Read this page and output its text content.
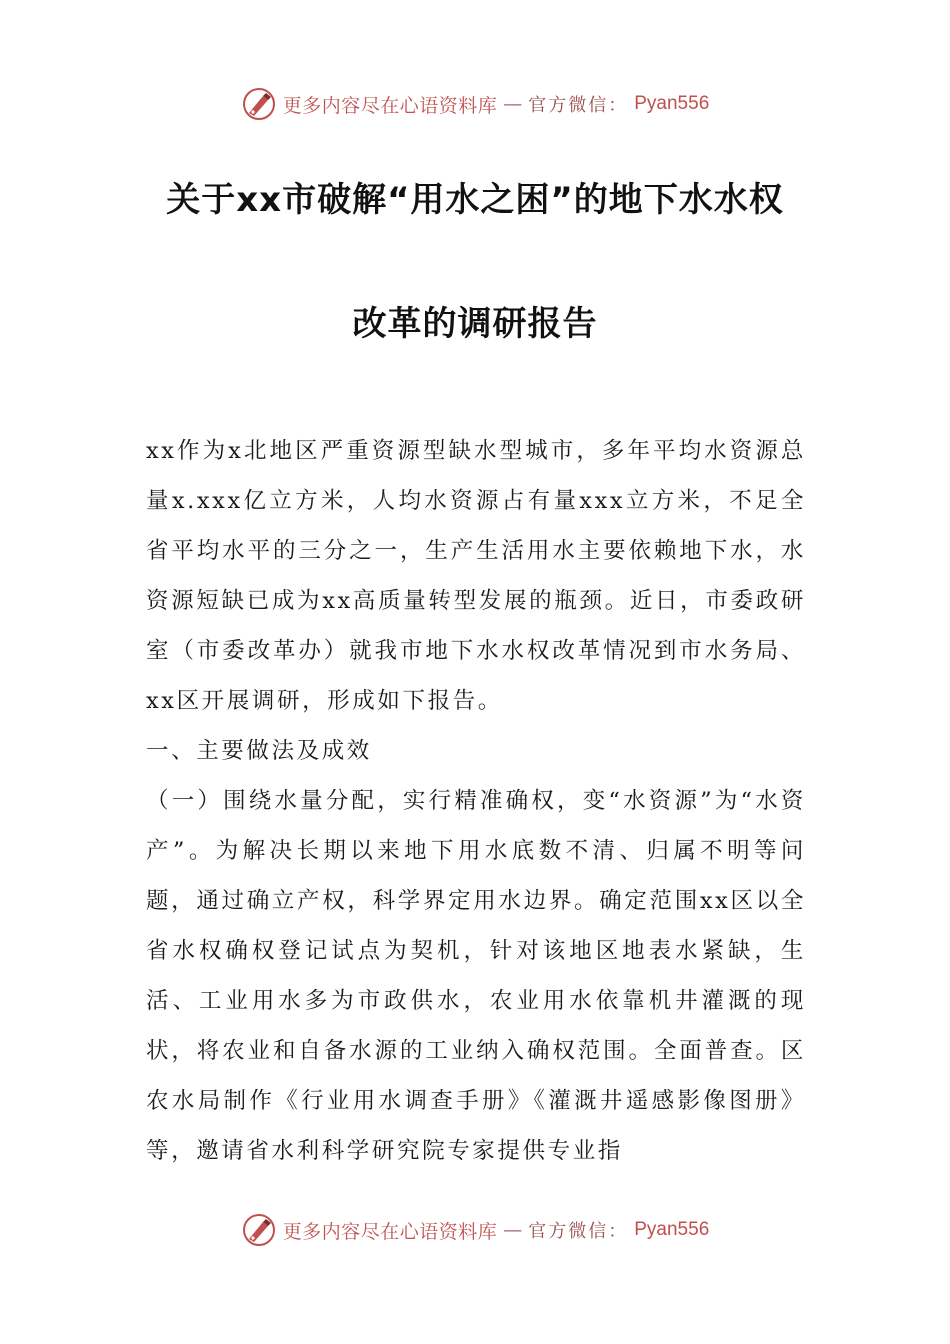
更多内容尽在心语资料库 — 官方微信： Pyan556
关于xx市破解“用水之困”的地下水水权
改革的调研报告

xx作为x北地区严重资源型缺水型城市，多年平均水资源总量x.xxx亿立方米，人均水资源占有量xxx立方米，不足全省平均水平的三分之一，生产生活用水主要依赖地下水，水资源短缺已成为xx高质量转型发展的瓶颈。近日，市委政研室（市委改革办）就我市地下水水权改革情况到市水务局、xx区开展调研，形成如下报告。

一、主要做法及成效

（一）围绕水量分配，实行精准确权，变“水资源”为“水资产”。为解决长期以来地下用水底数不清、归属不明等问题，通过确立产权，科学界定用水边界。确定范围xx区以全省水权确权登记试点为契机，针对该地区地表水紧缺，生活、工业用水多为市政供水，农业用水依靠机井灌溉的现状，将农业和自备水源的工业纳入确权范围。全面普查。区农水局制作《行业用水调查手册》《灌溉井遥感影像图册》等，邀请省水利科学研究院专家提供专业指

更多内容尽在心语资料库 — 官方微信： Pyan556
